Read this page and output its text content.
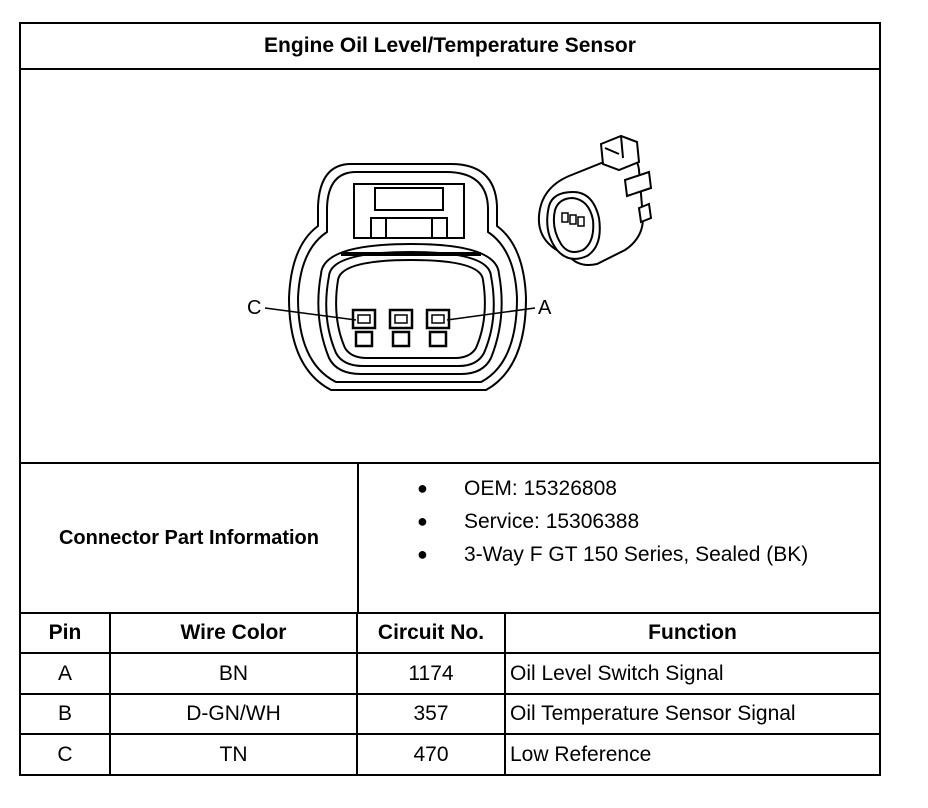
Engine Oil Level/Temperature Sensor
C	A
Connector Part Information
● OEM: 15326808
● Service: 15306388
● 3-Way F GT 150 Series, Sealed (BK)
Pin	Wire Color	Circuit No.	Function
A	BN	1174	Oil Level Switch Signal
B	D-GN/WH	357	Oil Temperature Sensor Signal
C	TN	470	Low Reference
